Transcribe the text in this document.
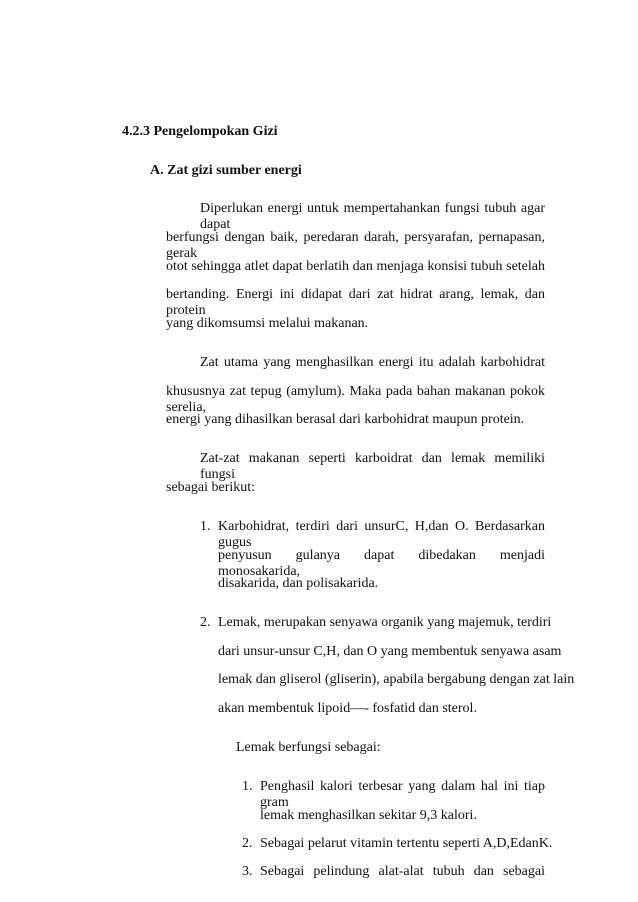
4.2.3 Pengelompokan Gizi
A. Zat gizi sumber energi
Diperlukan energi untuk mempertahankan fungsi tubuh agar dapat
berfungsi dengan baik, peredaran darah, persyarafan, pernapasan, gerak
otot sehingga atlet dapat berlatih dan menjaga konsisi tubuh setelah
bertanding. Energi ini didapat dari zat hidrat arang, lemak, dan protein
yang dikomsumsi melalui makanan.
Zat utama yang menghasilkan energi itu adalah karbohidrat
khususnya zat tepug (amylum). Maka pada bahan makanan pokok serelia,
energi yang dihasilkan berasal dari karbohidrat maupun protein.
Zat-zat makanan seperti karboidrat dan lemak memiliki fungsi
sebagai berikut:
1. Karbohidrat, terdiri dari unsurC, H,dan O. Berdasarkan gugus
penyusun gulanya dapat dibedakan menjadi monosakarida,
disakarida, dan polisakarida.
2. Lemak, merupakan senyawa organik yang majemuk, terdiri
dari unsur-unsur C,H, dan O yang membentuk senyawa asam
lemak dan gliserol (gliserin), apabila bergabung dengan zat lain
akan membentuk lipoid—- fosfatid dan sterol.
Lemak berfungsi sebagai:
1. Penghasil kalori terbesar yang dalam hal ini tiap gram
lemak menghasilkan sekitar 9,3 kalori.
2. Sebagai pelarut vitamin tertentu seperti A,D,EdanK.
3. Sebagai pelindung alat-alat tubuh dan sebagai
